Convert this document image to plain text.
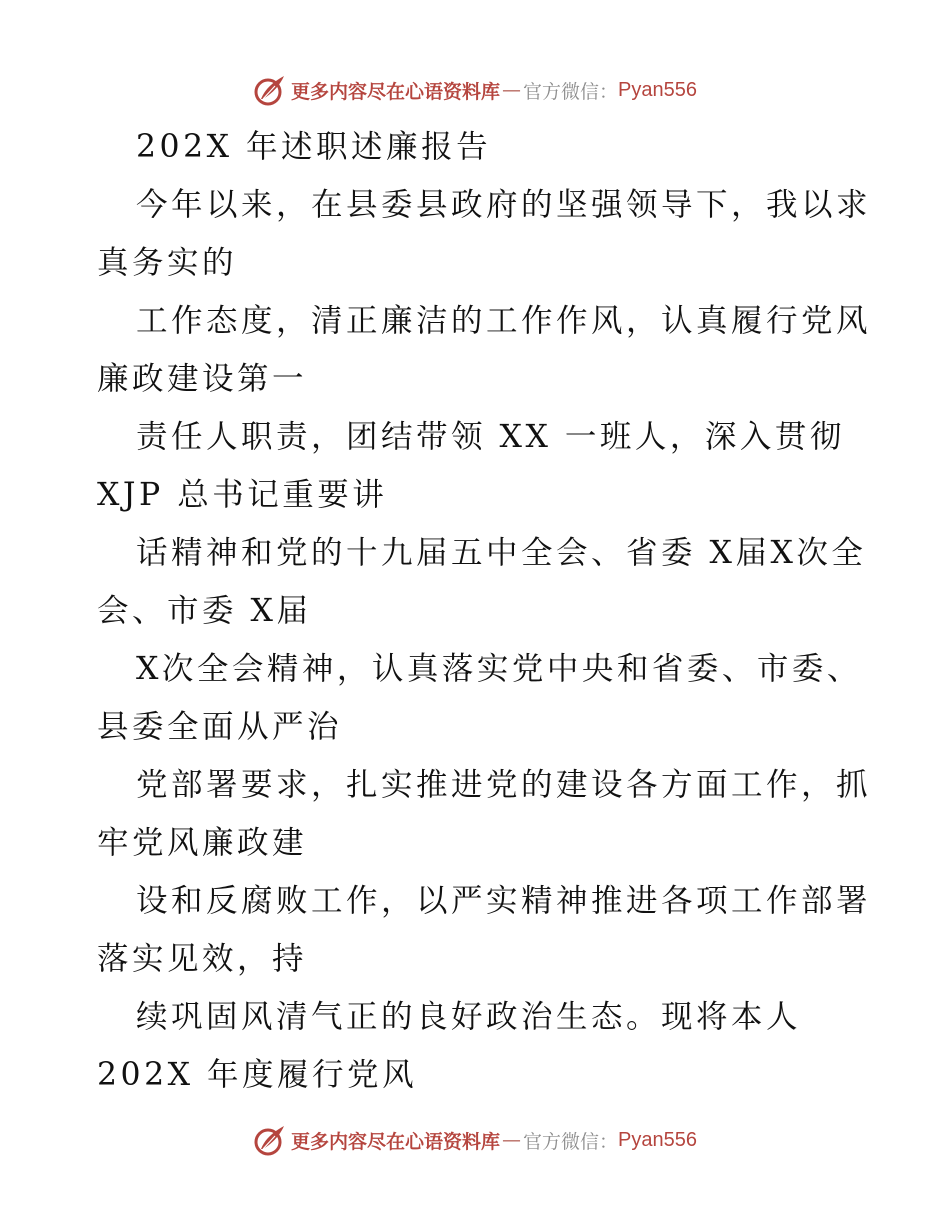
更多内容尽在心语资料库 — 官方微信： Pyan556
202X 年述职述廉报告
今年以来，在县委县政府的坚强领导下，我以求
真务实的
工作态度，清正廉洁的工作作风，认真履行党风
廉政建设第一
责任人职责，团结带领 XX 一班人，深入贯彻
XJP 总书记重要讲
话精神和党的十九届五中全会、省委 X届X次全
会、市委 X届
X次全会精神，认真落实党中央和省委、市委、
县委全面从严治
党部署要求，扎实推进党的建设各方面工作，抓
牢党风廉政建
设和反腐败工作，以严实精神推进各项工作部署
落实见效，持
续巩固风清气正的良好政治生态。现将本人
202X 年度履行党风
更多内容尽在心语资料库 — 官方微信： Pyan556
